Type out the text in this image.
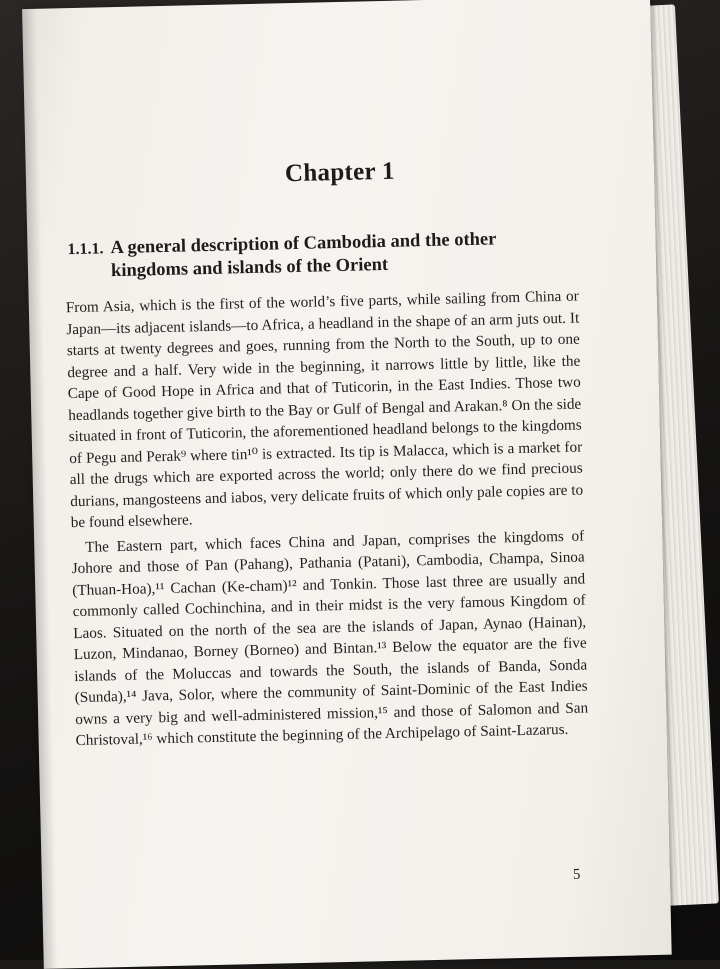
Chapter 1
1.1.1. A general description of Cambodia and the other kingdoms and islands of the Orient

From Asia, which is the first of the world’s five parts, while sailing from China or Japan—its adjacent islands—to Africa, a headland in the shape of an arm juts out. It starts at twenty degrees and goes, running from the North to the South, up to one degree and a half. Very wide in the beginning, it narrows little by little, like the Cape of Good Hope in Africa and that of Tuticorin, in the East Indies. Those two headlands together give birth to the Bay or Gulf of Bengal and Arakan.⁸ On the side situated in front of Tuticorin, the aforementioned headland belongs to the kingdoms of Pegu and Perak⁹ where tin¹⁰ is extracted. Its tip is Malacca, which is a market for all the drugs which are exported across the world; only there do we find precious durians, mangosteens and iabos, very delicate fruits of which only pale copies are to be found elsewhere.

The Eastern part, which faces China and Japan, comprises the kingdoms of Johore and those of Pan (Pahang), Pathania (Patani), Cambodia, Champa, Sinoa (Thuan-Hoa),¹¹ Cachan (Ke-cham)¹² and Tonkin. Those last three are usually and commonly called Cochinchina, and in their midst is the very famous Kingdom of Laos. Situated on the north of the sea are the islands of Japan, Aynao (Hainan), Luzon, Mindanao, Borney (Borneo) and Bintan.¹³ Below the equator are the five islands of the Moluccas and towards the South, the islands of Banda, Sonda (Sunda),¹⁴ Java, Solor, where the community of Saint-Dominic of the East Indies owns a very big and well-administered mission,¹⁵ and those of Salomon and San Christoval,¹⁶ which constitute the beginning of the Archipelago of Saint-Lazarus.

5
